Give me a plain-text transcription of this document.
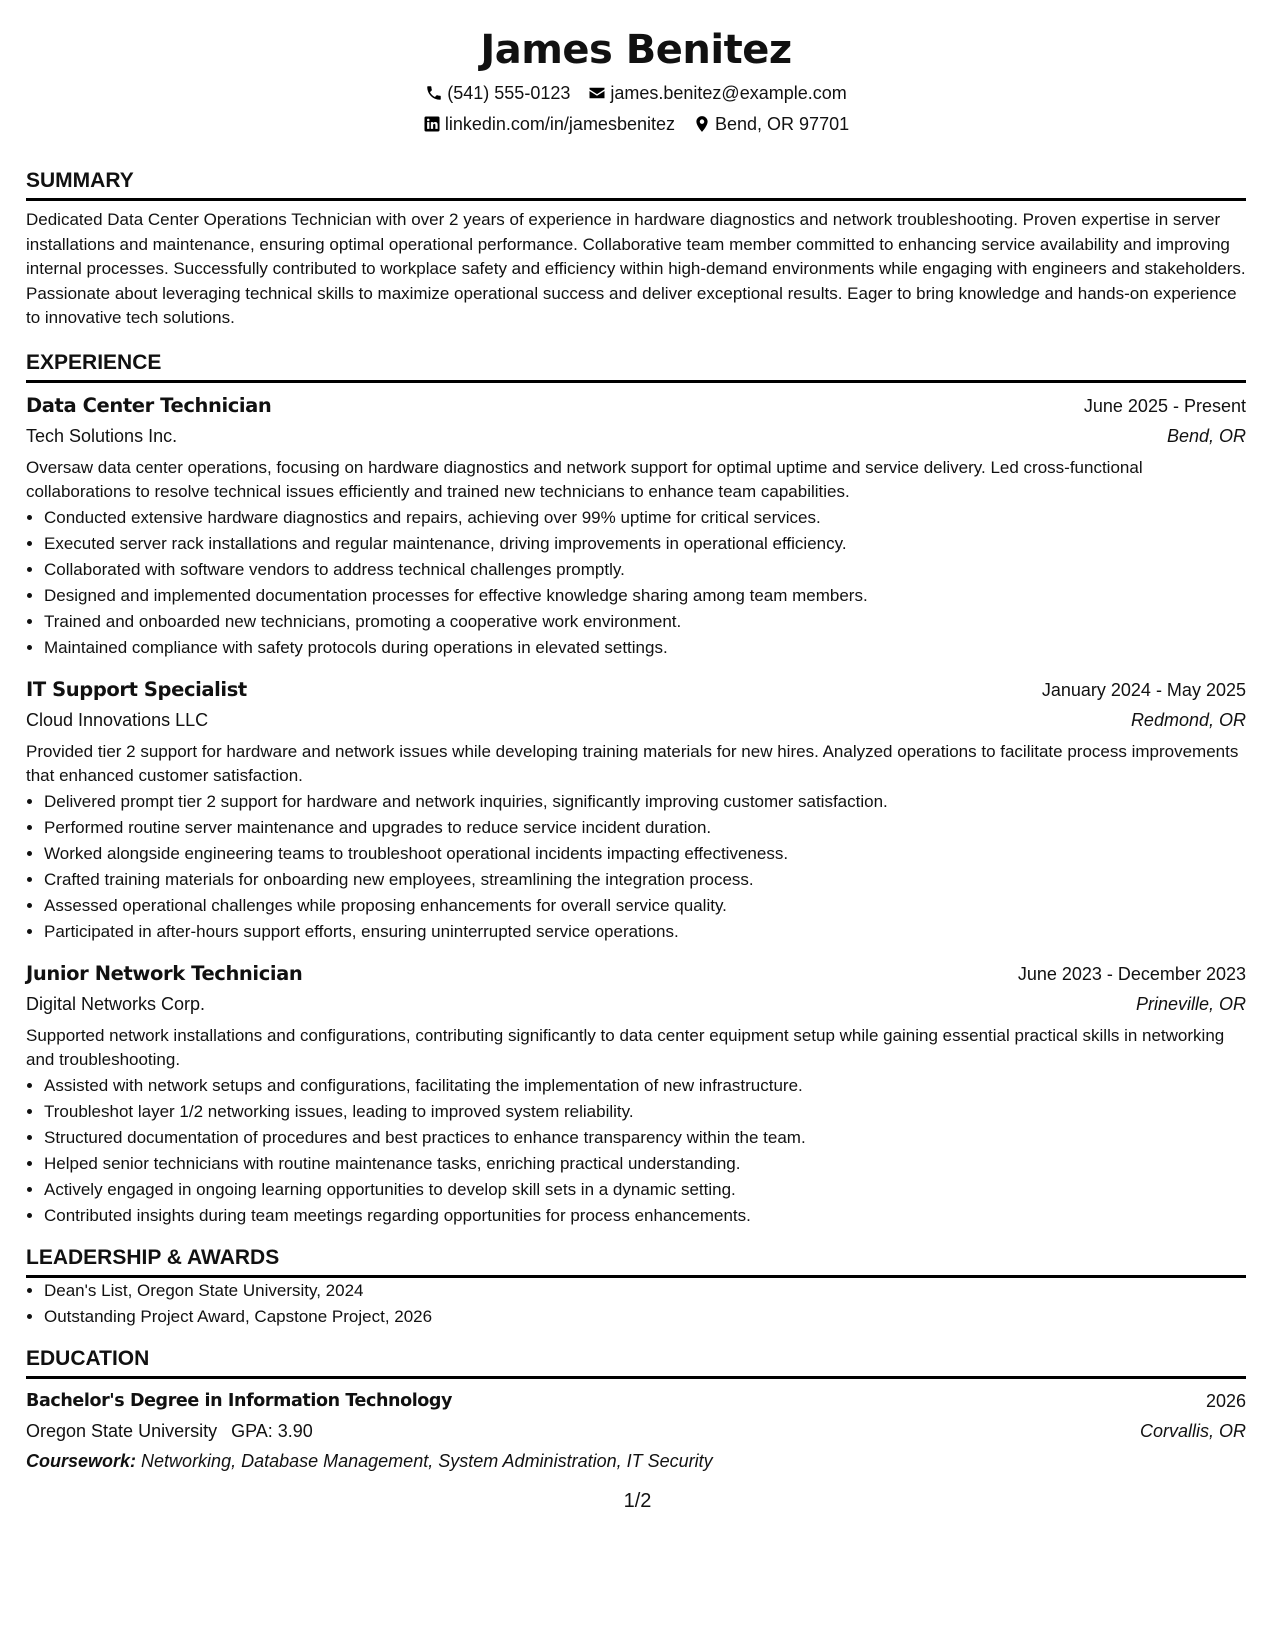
James Benitez
(541) 555-0123 james.benitez@example.com
linkedin.com/in/jamesbenitez Bend, OR 97701
SUMMARY
Dedicated Data Center Operations Technician with over 2 years of experience in hardware diagnostics and network troubleshooting. Proven expertise in server installations and maintenance, ensuring optimal operational performance. Collaborative team member committed to enhancing service availability and improving internal processes. Successfully contributed to workplace safety and efficiency within high-demand environments while engaging with engineers and stakeholders. Passionate about leveraging technical skills to maximize operational success and deliver exceptional results. Eager to bring knowledge and hands-on experience to innovative tech solutions.
EXPERIENCE
Data Center Technician	June 2025 - Present
Tech Solutions Inc.	Bend, OR
Oversaw data center operations, focusing on hardware diagnostics and network support for optimal uptime and service delivery. Led cross-functional collaborations to resolve technical issues efficiently and trained new technicians to enhance team capabilities.
• Conducted extensive hardware diagnostics and repairs, achieving over 99% uptime for critical services.
• Executed server rack installations and regular maintenance, driving improvements in operational efficiency.
• Collaborated with software vendors to address technical challenges promptly.
• Designed and implemented documentation processes for effective knowledge sharing among team members.
• Trained and onboarded new technicians, promoting a cooperative work environment.
• Maintained compliance with safety protocols during operations in elevated settings.
IT Support Specialist	January 2024 - May 2025
Cloud Innovations LLC	Redmond, OR
Provided tier 2 support for hardware and network issues while developing training materials for new hires. Analyzed operations to facilitate process improvements that enhanced customer satisfaction.
• Delivered prompt tier 2 support for hardware and network inquiries, significantly improving customer satisfaction.
• Performed routine server maintenance and upgrades to reduce service incident duration.
• Worked alongside engineering teams to troubleshoot operational incidents impacting effectiveness.
• Crafted training materials for onboarding new employees, streamlining the integration process.
• Assessed operational challenges while proposing enhancements for overall service quality.
• Participated in after-hours support efforts, ensuring uninterrupted service operations.
Junior Network Technician	June 2023 - December 2023
Digital Networks Corp.	Prineville, OR
Supported network installations and configurations, contributing significantly to data center equipment setup while gaining essential practical skills in networking and troubleshooting.
• Assisted with network setups and configurations, facilitating the implementation of new infrastructure.
• Troubleshot layer 1/2 networking issues, leading to improved system reliability.
• Structured documentation of procedures and best practices to enhance transparency within the team.
• Helped senior technicians with routine maintenance tasks, enriching practical understanding.
• Actively engaged in ongoing learning opportunities to develop skill sets in a dynamic setting.
• Contributed insights during team meetings regarding opportunities for process enhancements.
LEADERSHIP & AWARDS
• Dean's List, Oregon State University, 2024
• Outstanding Project Award, Capstone Project, 2026
EDUCATION
Bachelor's Degree in Information Technology	2026
Oregon State University GPA: 3.90	Corvallis, OR
Coursework: Networking, Database Management, System Administration, IT Security
1/2
